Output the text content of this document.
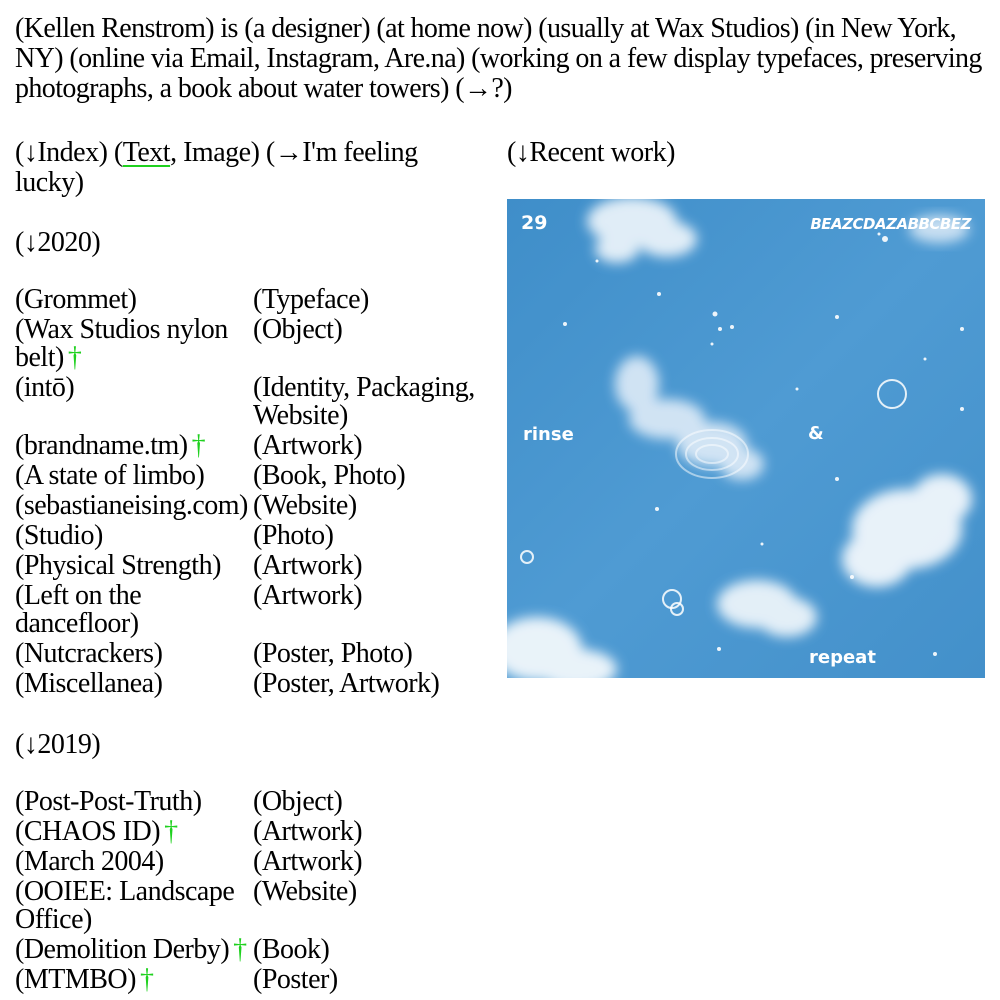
(Kellen Renstrom) is (a designer) (at home now) (usually at Wax Studios) (in New York, NY) (online via Email, Instagram, Are.na) (working on a few display typefaces, preserving photographs, a book about water towers) (→?)
(↓Index) (Text, Image) (→I'm feeling lucky)
(↓2020)
(Grommet)	(Typeface)
(Wax Studios nylon belt) †	(Object)
(intō)	(Identity, Packaging, Website)
(brandname.tm) †	(Artwork)
(A state of limbo)	(Book, Photo)
(sebastianeising.com)	(Website)
(Studio)	(Photo)
(Physical Strength)	(Artwork)
(Left on the dancefloor)	(Artwork)
(Nutcrackers)	(Poster, Photo)
(Miscellanea)	(Poster, Artwork)
(↓2019)
(Post-Post-Truth)	(Object)
(CHAOS ID) †	(Artwork)
(March 2004)	(Artwork)
(OOIEE: Landscape Office)	(Website)
(Demolition Derby) †	(Book)
(MTMBO) †	(Poster)
(↓Recent work)
29	BEAZCDAZABBCBEZ
rinse	&
repeat
